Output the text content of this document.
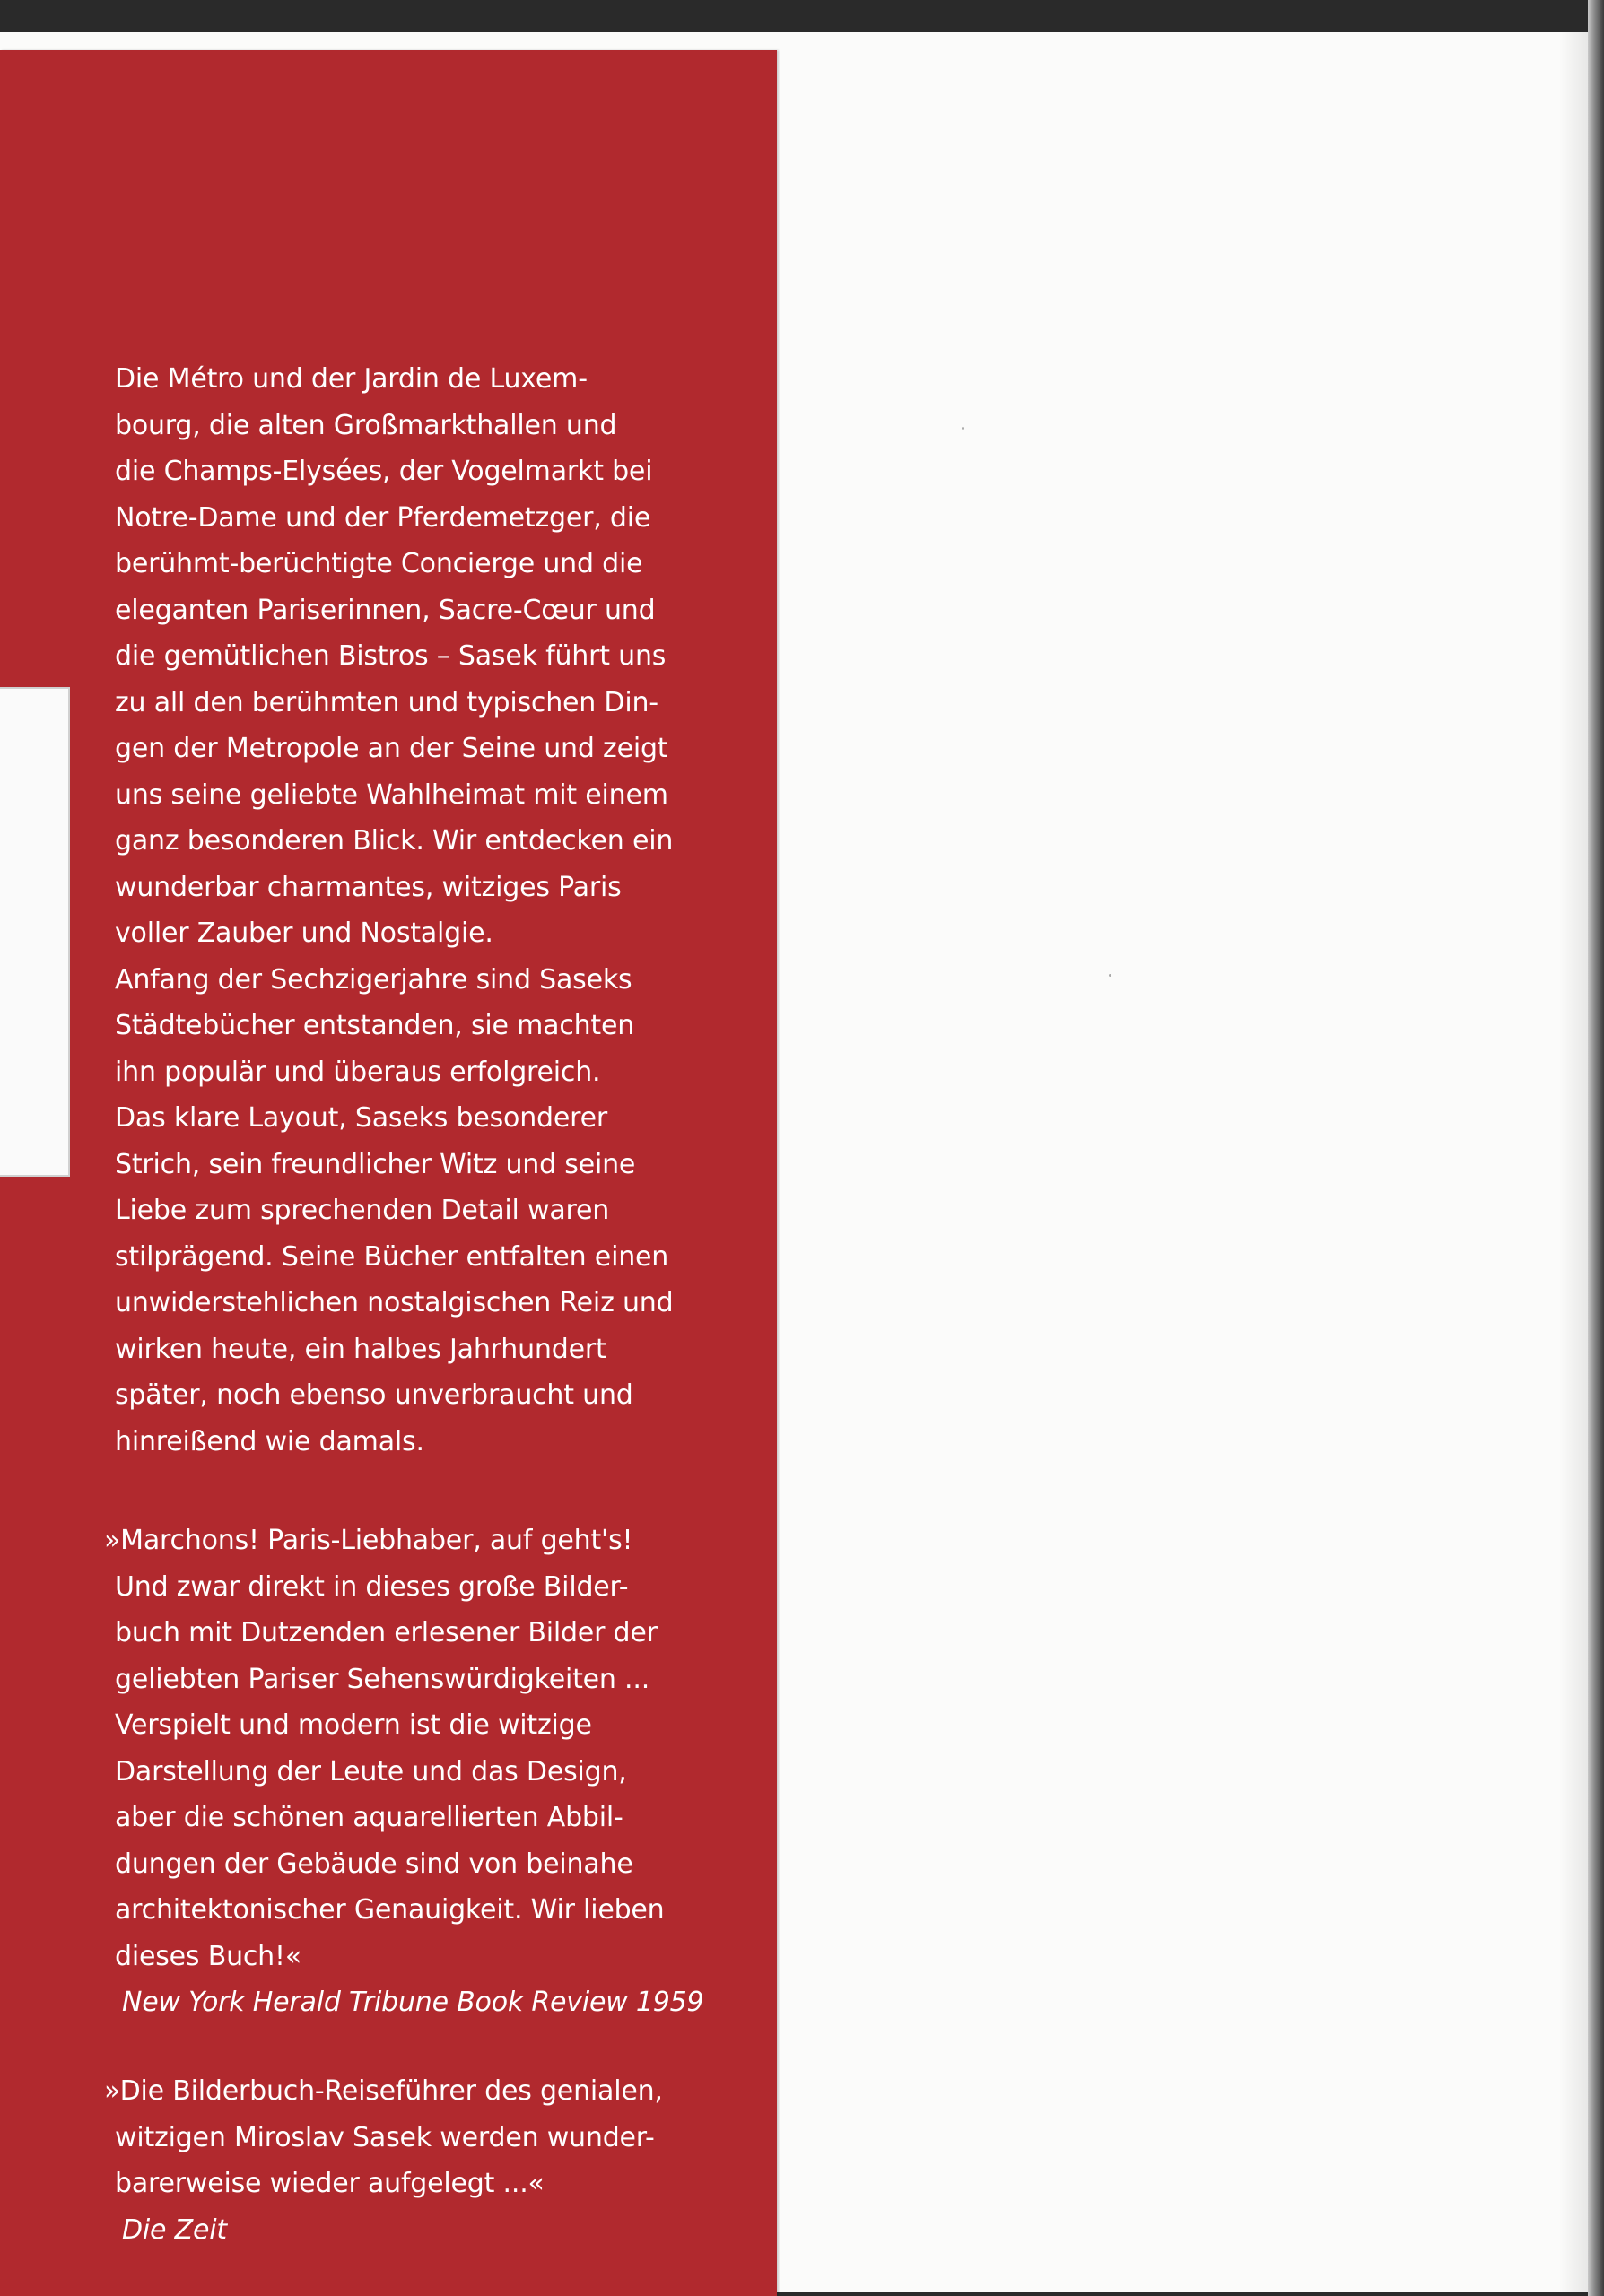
Die Métro und der Jardin de Luxem-
bourg, die alten Großmarkthallen und
die Champs-Elysées, der Vogelmarkt bei
Notre-Dame und der Pferdemetzger, die
berühmt-berüchtigte Concierge und die
eleganten Pariserinnen, Sacre-Cœur und
die gemütlichen Bistros – Sasek führt uns
zu all den berühmten und typischen Din-
gen der Metropole an der Seine und zeigt
uns seine geliebte Wahlheimat mit einem
ganz besonderen Blick. Wir entdecken ein
wunderbar charmantes, witziges Paris
voller Zauber und Nostalgie.
Anfang der Sechzigerjahre sind Saseks
Städtebücher entstanden, sie machten
ihn populär und überaus erfolgreich.
Das klare Layout, Saseks besonderer
Strich, sein freundlicher Witz und seine
Liebe zum sprechenden Detail waren
stilprägend. Seine Bücher entfalten einen
unwiderstehlichen nostalgischen Reiz und
wirken heute, ein halbes Jahrhundert
später, noch ebenso unverbraucht und
hinreißend wie damals.

»Marchons! Paris-Liebhaber, auf geht's!
Und zwar direkt in dieses große Bilder-
buch mit Dutzenden erlesener Bilder der
geliebten Pariser Sehenswürdigkeiten ...
Verspielt und modern ist die witzige
Darstellung der Leute und das Design,
aber die schönen aquarellierten Abbil-
dungen der Gebäude sind von beinahe
architektonischer Genauigkeit. Wir lieben
dieses Buch!«
New York Herald Tribune Book Review 1959

»Die Bilderbuch-Reiseführer des genialen,
witzigen Miroslav Sasek werden wunder-
barerweise wieder aufgelegt ...«
Die Zeit
